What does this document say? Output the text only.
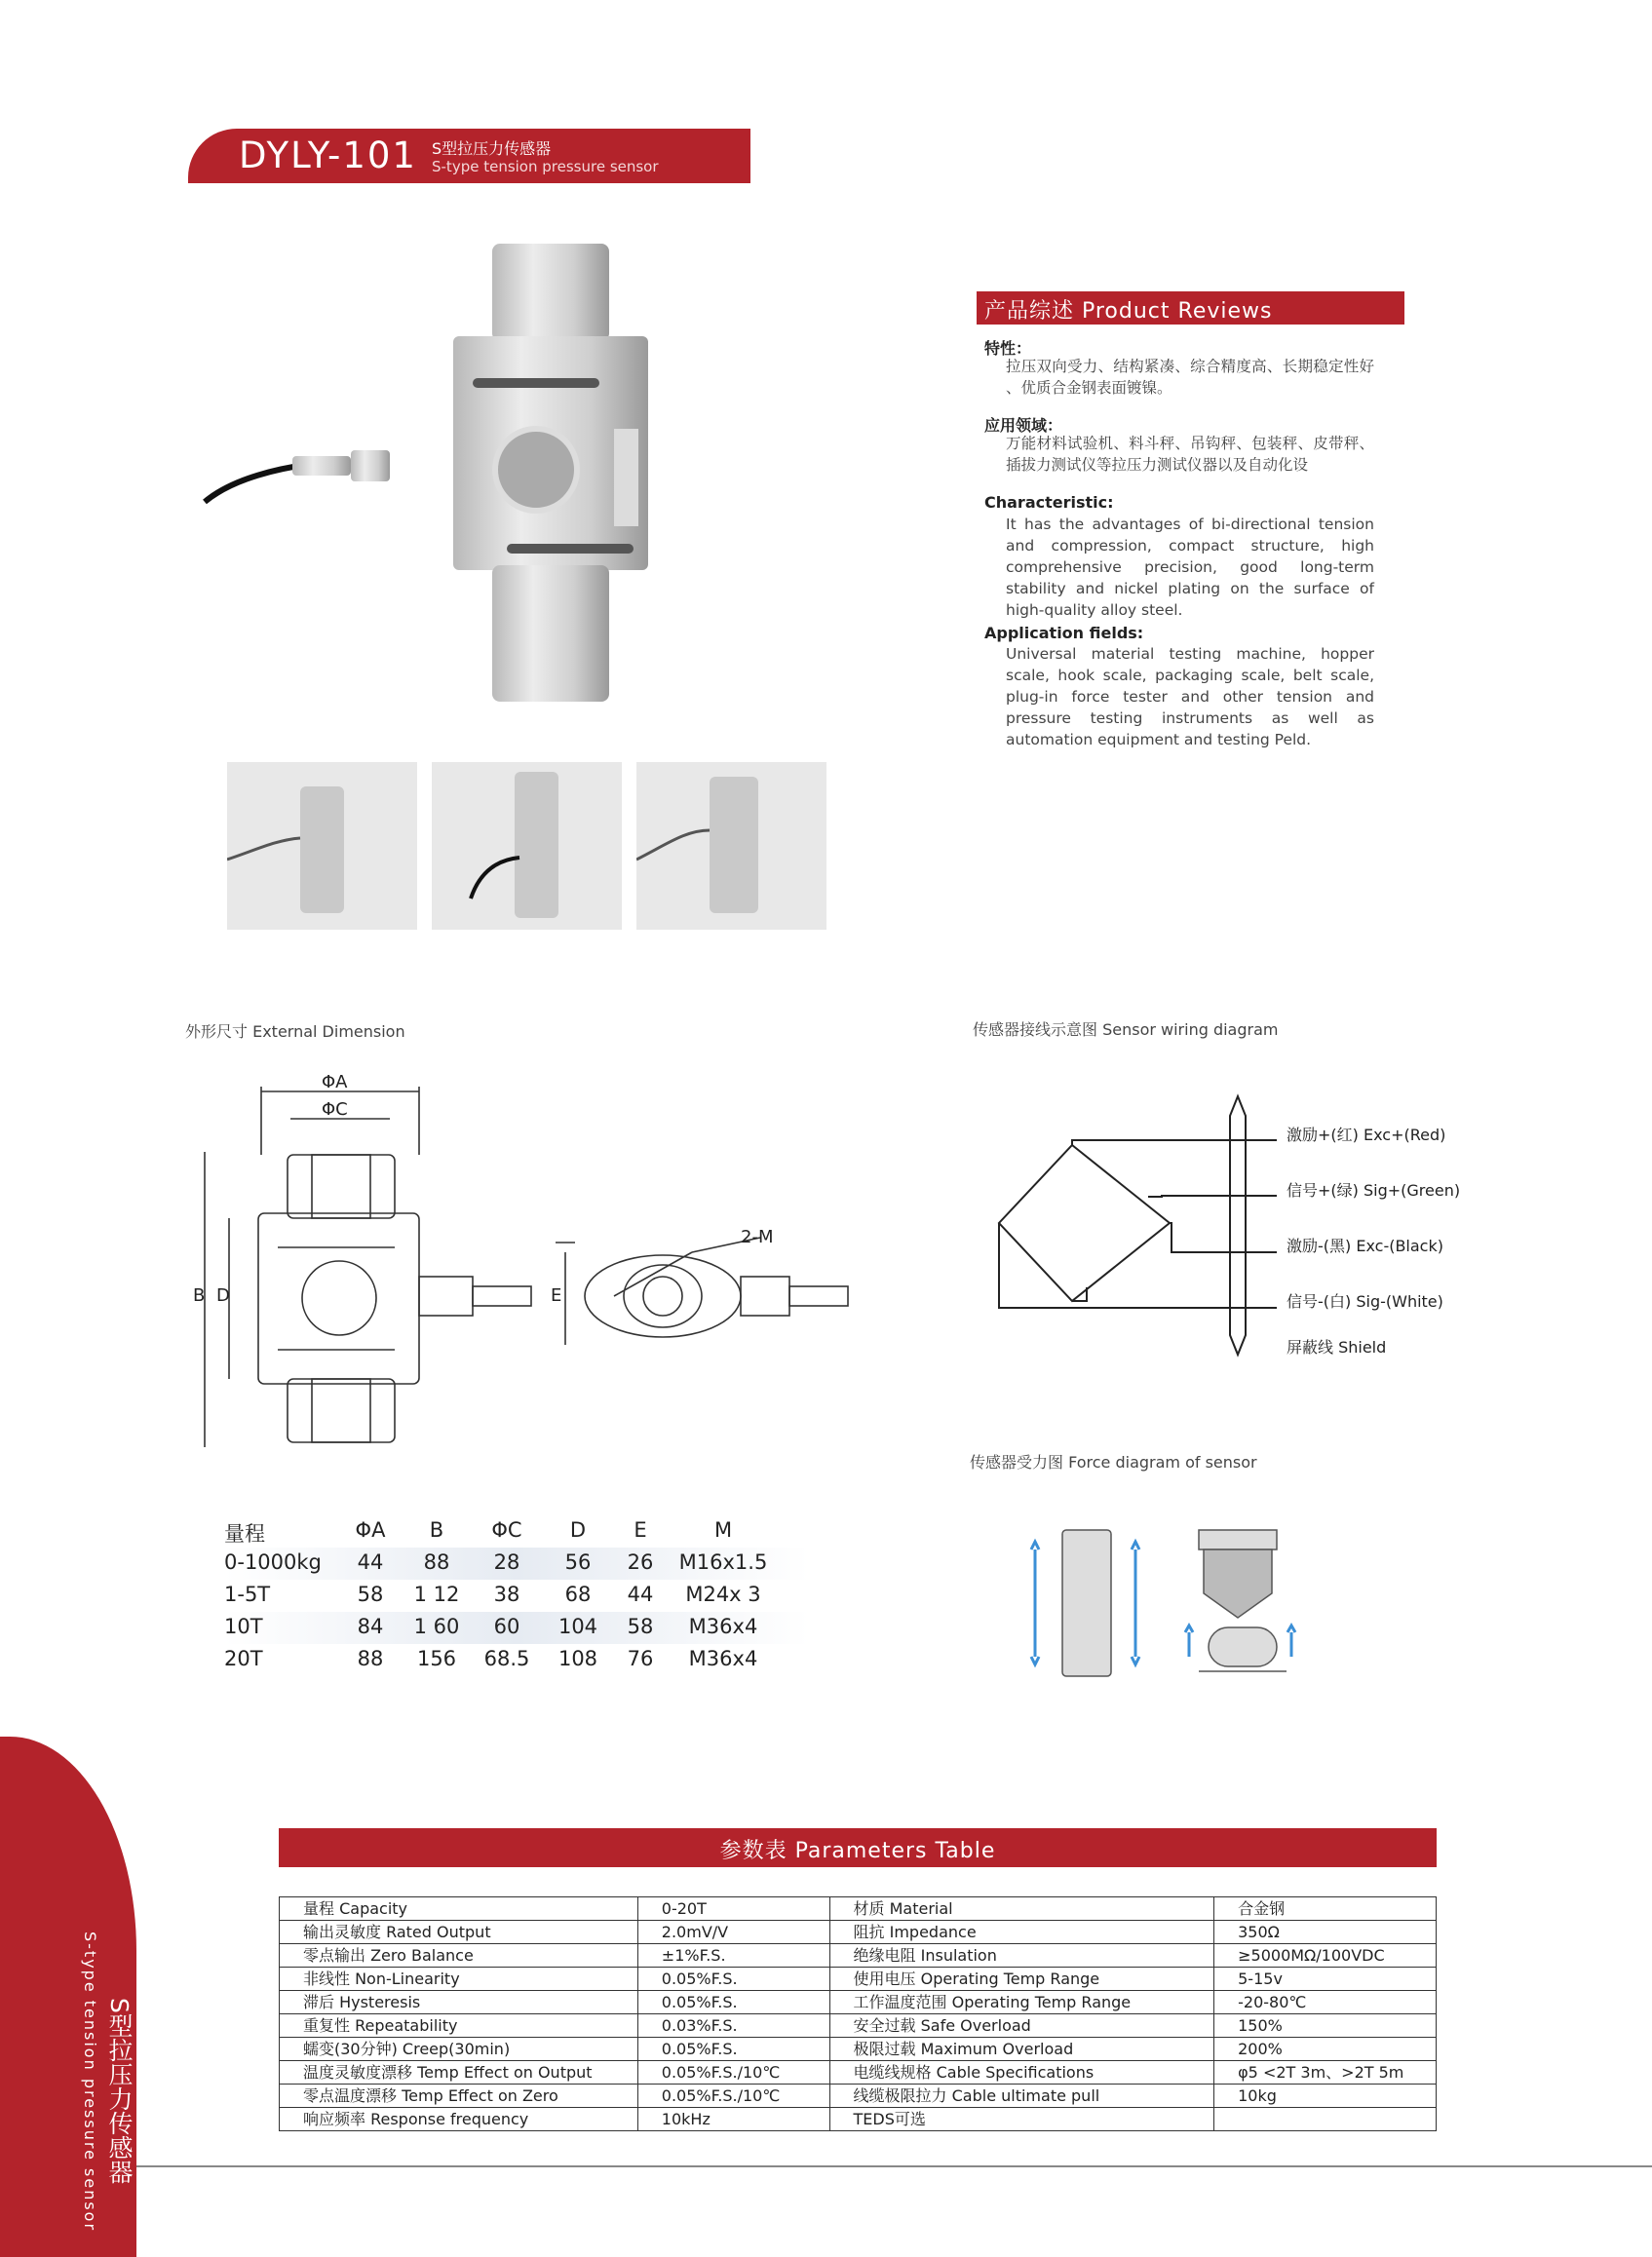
DYLY-101 S型拉压力传感器
S-type tension pressure sensor
产品综述 Product Reviews
特性：
拉压双向受力、结构紧凑、综合精度高、长期稳定性好 、优质合金钢表面镀镍。
应用领域：
万能材料试验机、料斗秤、吊钩秤、包装秤、皮带秤、插拔力测试仪等拉压力测试仪器以及自动化设
Characteristic:
It has the advantages of bi-directional tension and compression, compact structure, high comprehensive precision, good long-term stability and nickel plating on the surface of high-quality alloy steel.
Application fields:
Universal material testing machine, hopper scale, hook scale, packaging scale, belt scale, plug-in force tester and other tension and pressure testing instruments as well as automation equipment and testing Peld.
外形尺寸 External Dimension	传感器接线示意图 Sensor wiring diagram
传感器受力图 Force diagram of sensor
ΦA
ΦC
B D	E
2-M
激励+(红) Exc+(Red)
信号+(绿) Sig+(Green)
激励-(黑) Exc-(Black)
信号-(白) Sig-(White)
屏蔽线 Shield
量程	ΦA	B	ΦC	D	E	M
0-1000kg	44	88	28	56	26	M16x1.5
1-5T	58	1 12	38	68	44	M24x 3
10T	84	1 60	60	104	58	M36x4
20T	88	156	68.5	108	76	M36x4
参数表 Parameters Table
量程 Capacity	0-20T	材质 Material	合金钢
输出灵敏度 Rated Output	2.0mV/V	阻抗 Impedance	350Ω
零点输出 Zero Balance	±1%F.S.	绝缘电阻 Insulation	≥5000MΩ/100VDC
非线性 Non-Linearity	0.05%F.S.	使用电压 Operating Temp Range	5-15v
滞后 Hysteresis	0.05%F.S.	工作温度范围 Operating Temp Range	-20-80℃
重复性 Repeatability	0.03%F.S.	安全过载 Safe Overload	150%
蠕变(30分钟) Creep(30min)	0.05%F.S.	极限过载 Maximum Overload	200%
温度灵敏度漂移 Temp Effect on Output	0.05%F.S./10℃	电缆线规格 Cable Specifications	φ5 <2T 3m、>2T 5m
零点温度漂移 Temp Effect on Zero	0.05%F.S./10℃	线缆极限拉力 Cable ultimate pull	10kg
响应频率 Response frequency	10kHz	TEDS可选	
S型拉压力传感器
S-type tension pressure sensor
